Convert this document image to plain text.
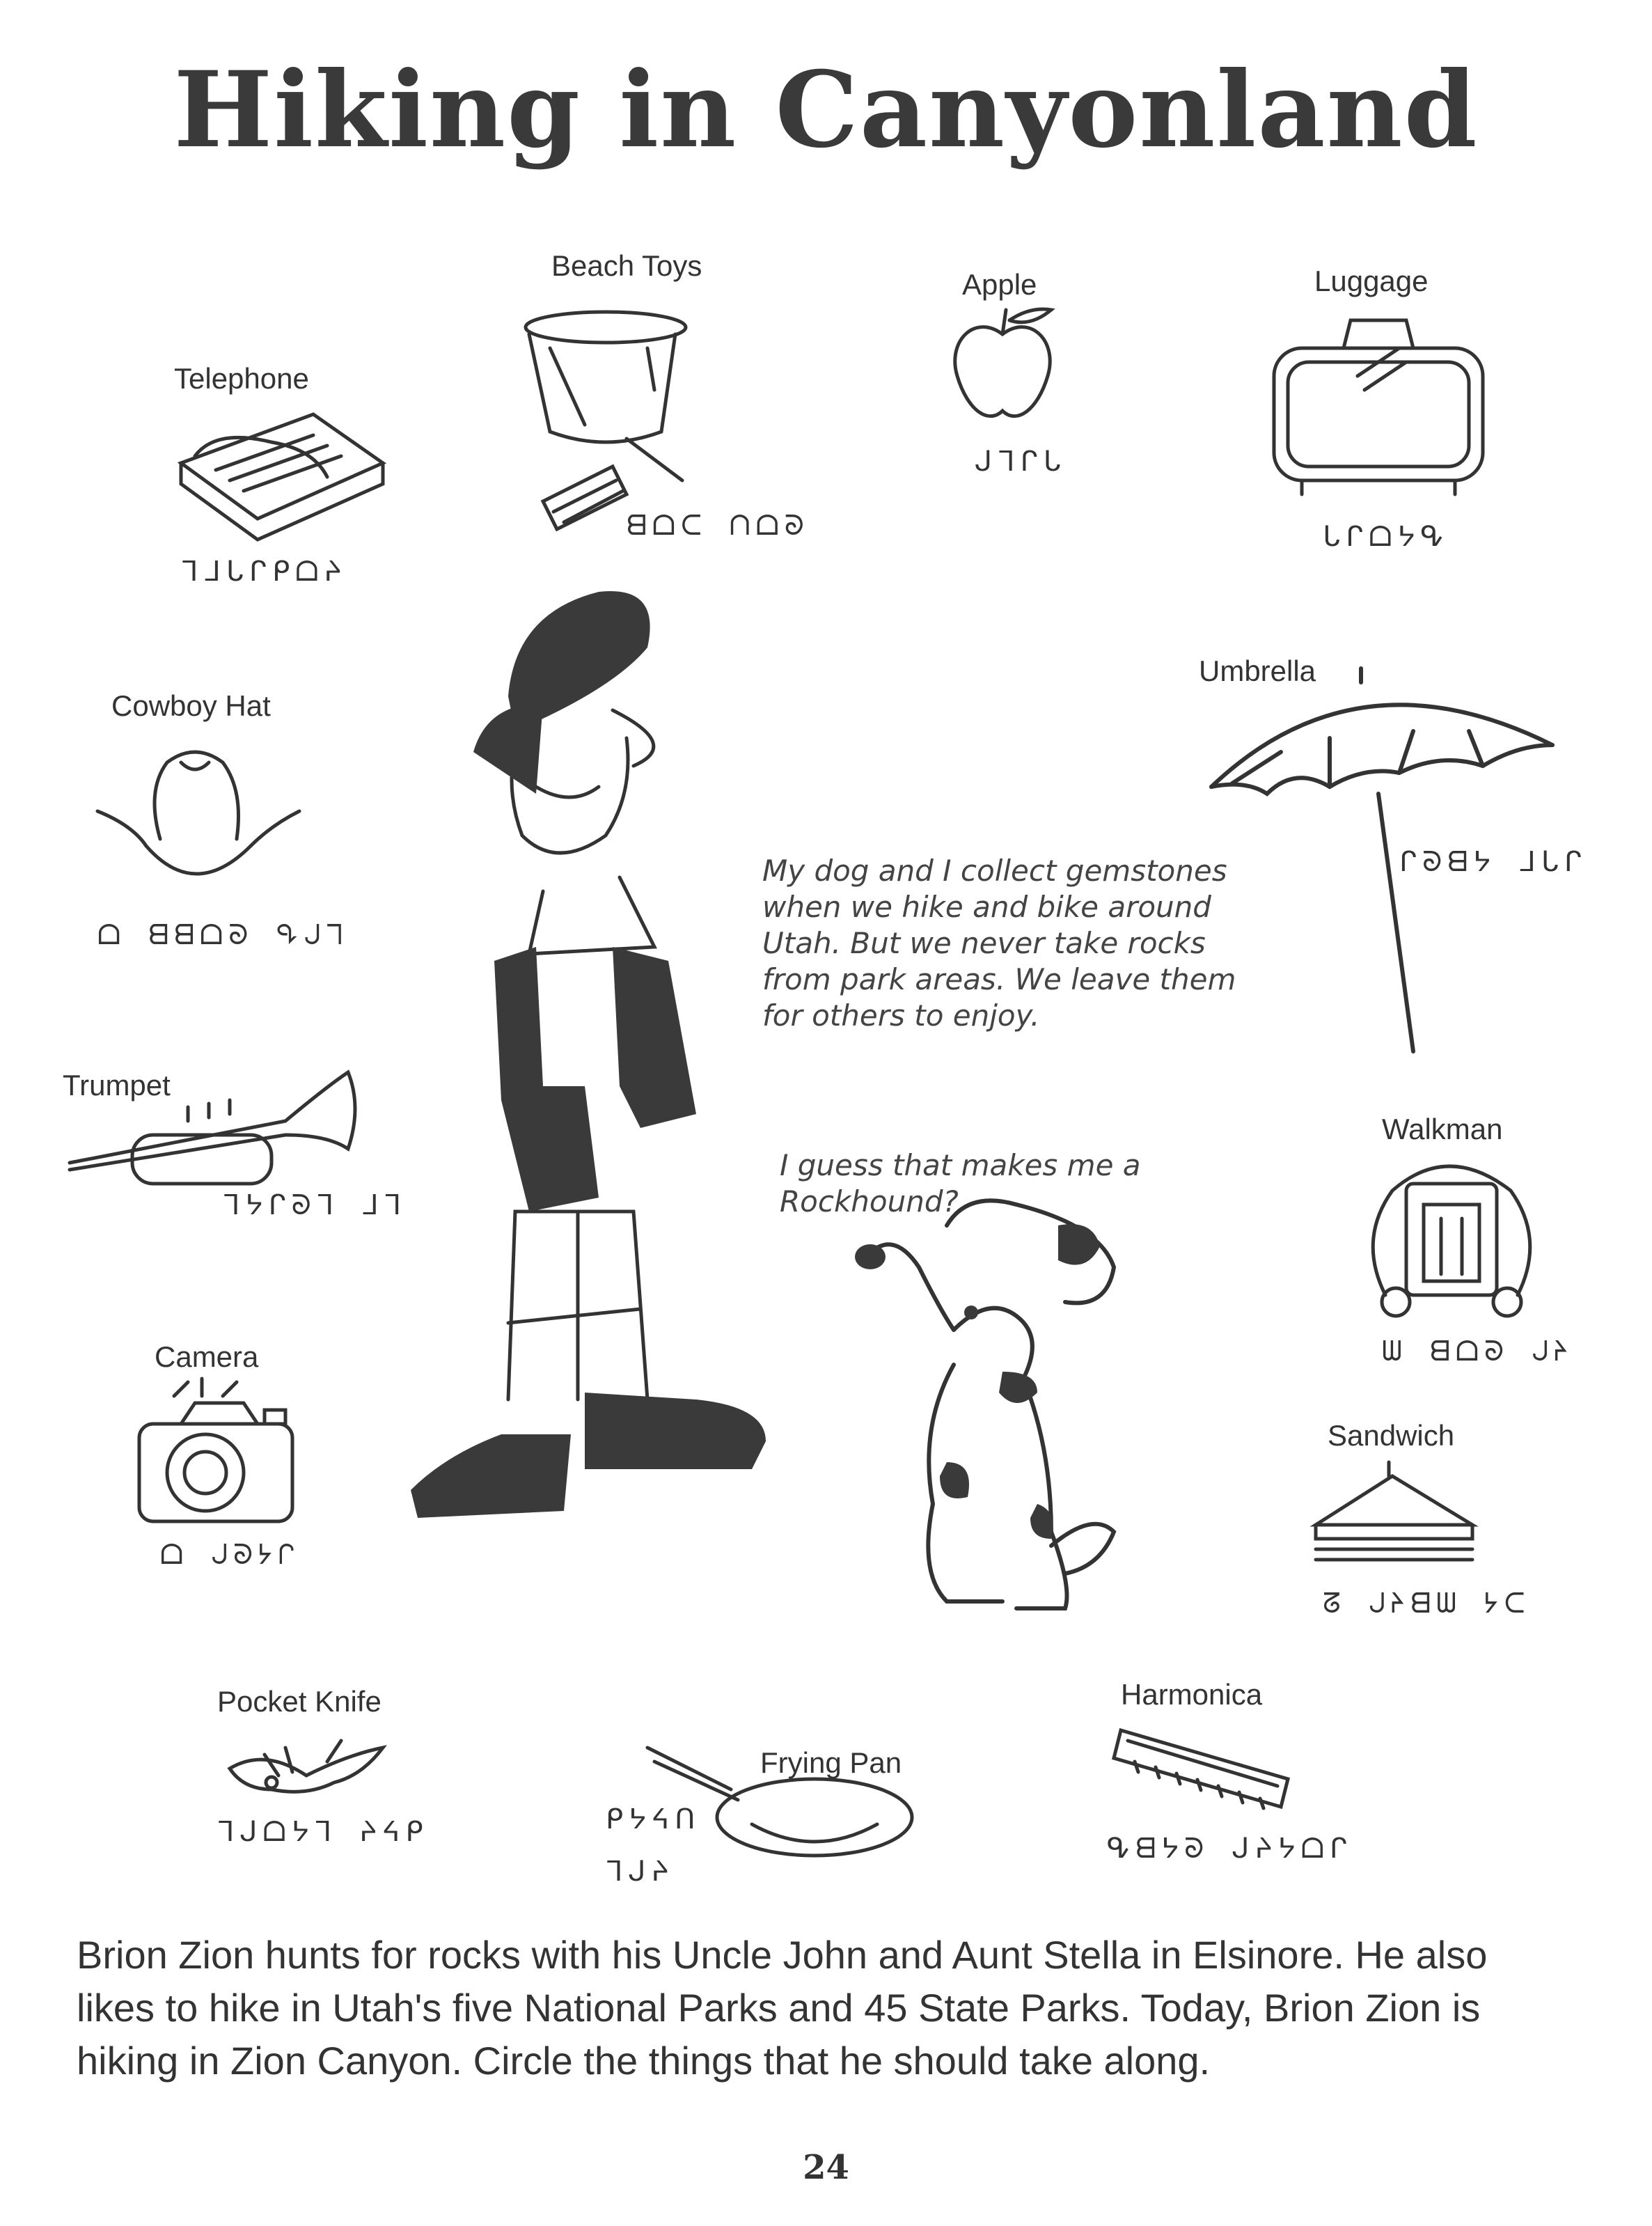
Hiking in Canyonland
Beach Toys
ᗺᗝᑕ ᑎᗝᘐ
Apple
ᒍᒣᒋᒐ
Luggage
ᒐᒋᗝᔭᕴ
Telephone
ᒣᒧᒐᒋᑭᗝᔨ
Cowboy Hat
ᗝ ᗺᗺᗝᘐ ᕴᒍᒣ
My dog and I collect gemstones when we hike and bike around Utah. But we never take rocks from park areas. We leave them for others to enjoy.
Umbrella
ᒋᘐᗺᔭ ᒧᒐᒋ
Trumpet
ᒣᔭᒋᘐᒣ ᒧᒣ
Walkman
ᗯ ᗺᗝᘐ ᒍᔨ
I guess that makes me a Rockhound?
Camera
ᗝ ᒍᘐᔭᒋ
Sandwich
ᘔ ᒍᔨᗺᗯ ᔭᑕ
Pocket Knife
ᒣᒍᗝᔭᒣ ᔨᔦᑭ
Frying Pan
ᑭᔭᔦᑎ
ᒣᒍᔨ
Harmonica
ᕴᗺᔭᘐ ᒍᔨᔭᗝᒋ
Brion Zion hunts for rocks with his Uncle John and Aunt Stella in Elsinore. He also likes to hike in Utah's five National Parks and 45 State Parks. Today, Brion Zion is hiking in Zion Canyon. Circle the things that he should take along.
24
